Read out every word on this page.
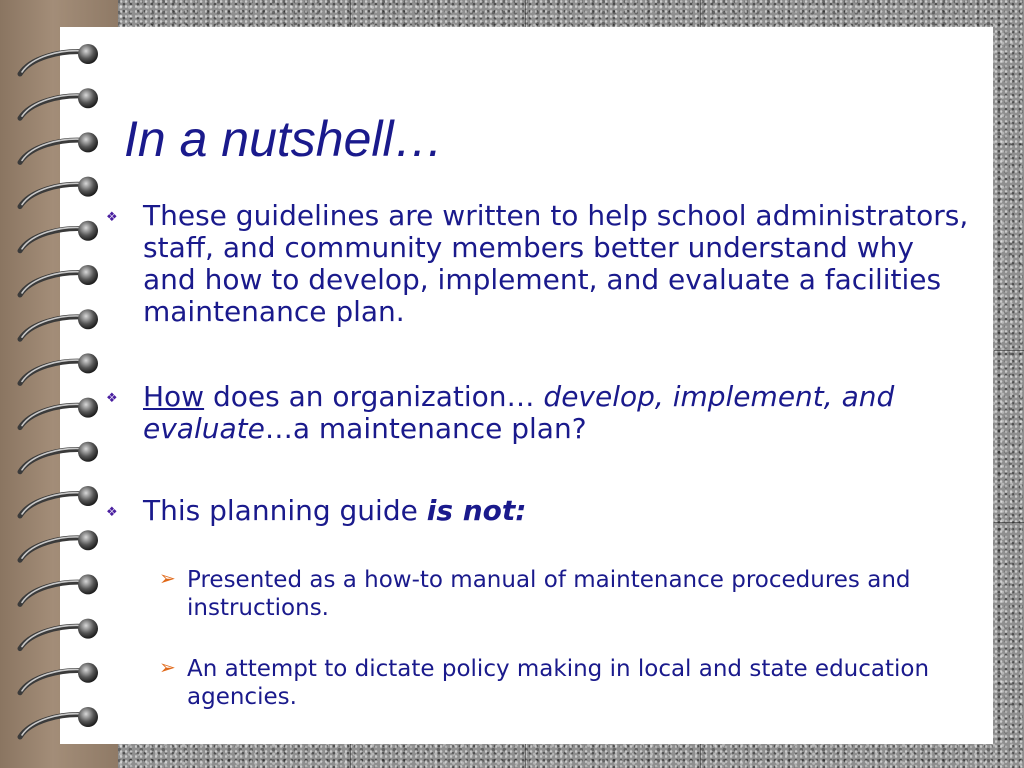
In a nutshell…
❖ These guidelines are written to help school administrators, staff, and community members better understand why and how to develop, implement, and evaluate a facilities maintenance plan.
❖ How does an organization… develop, implement, and evaluate…a maintenance plan?
❖ This planning guide is not:
➢ Presented as a how-to manual of maintenance procedures and instructions.
➢ An attempt to dictate policy making in local and state education agencies.
